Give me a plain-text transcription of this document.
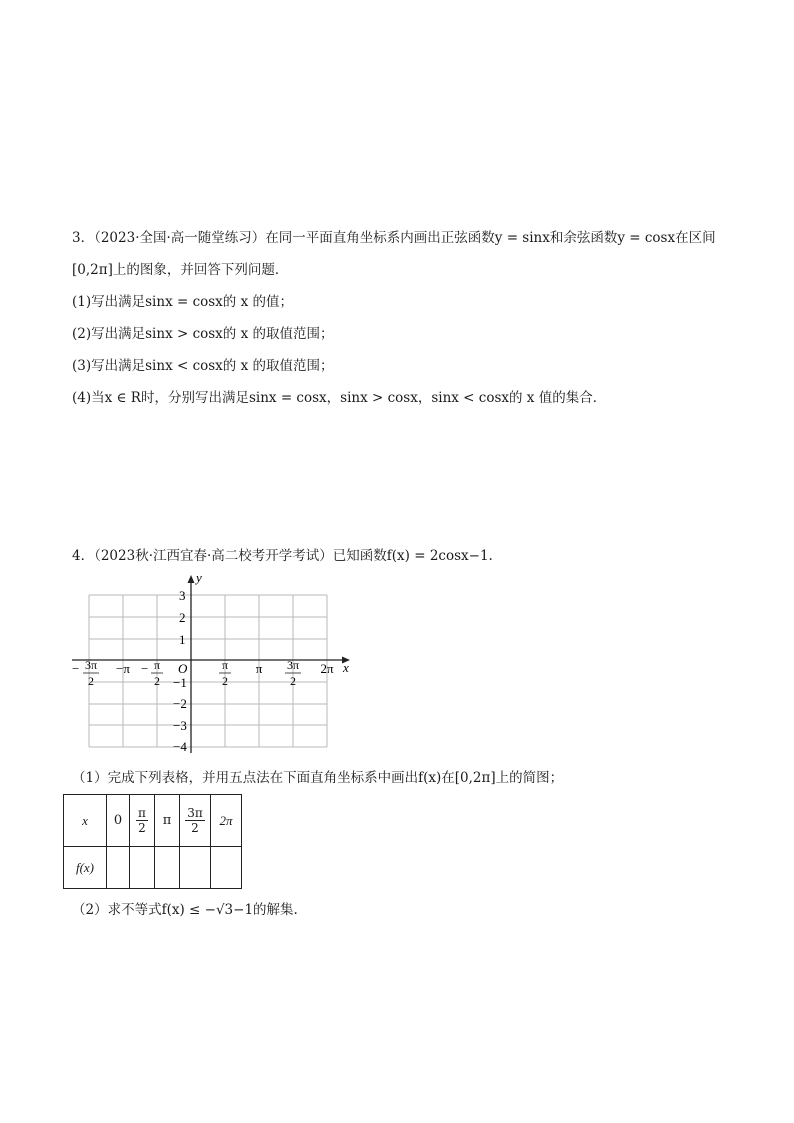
3．（2023·全国·高一随堂练习）在同一平面直角坐标系内画出正弦函数y = sinx和余弦函数y = cosx在区间
[0,2π]上的图象，并回答下列问题．
(1)写出满足sinx = cosx的 x 的值；
(2)写出满足sinx > cosx的 x 的取值范围；
(3)写出满足sinx < cosx的 x 的取值范围；
(4)当x ∈ R时，分别写出满足sinx = cosx，sinx > cosx，sinx < cosx的 x 值的集合．
4．（2023秋·江西宜春·高二校考开学考试）已知函数f(x) = 2cosx−1.
x
y
O
3
2
1
−1
−2
−3
−4
− 3π
2
−π − π
2
π
2
π 3π
2
2π
（1）完成下列表格，并用五点法在下面直角坐标系中画出f(x)在[0,2π]上的简图；
x	0	$\frac{\pi}{2}$	π	$\frac{3\pi}{2}$	2π
f(x)					
（2）求不等式f(x) ≤ −√3−1的解集.
